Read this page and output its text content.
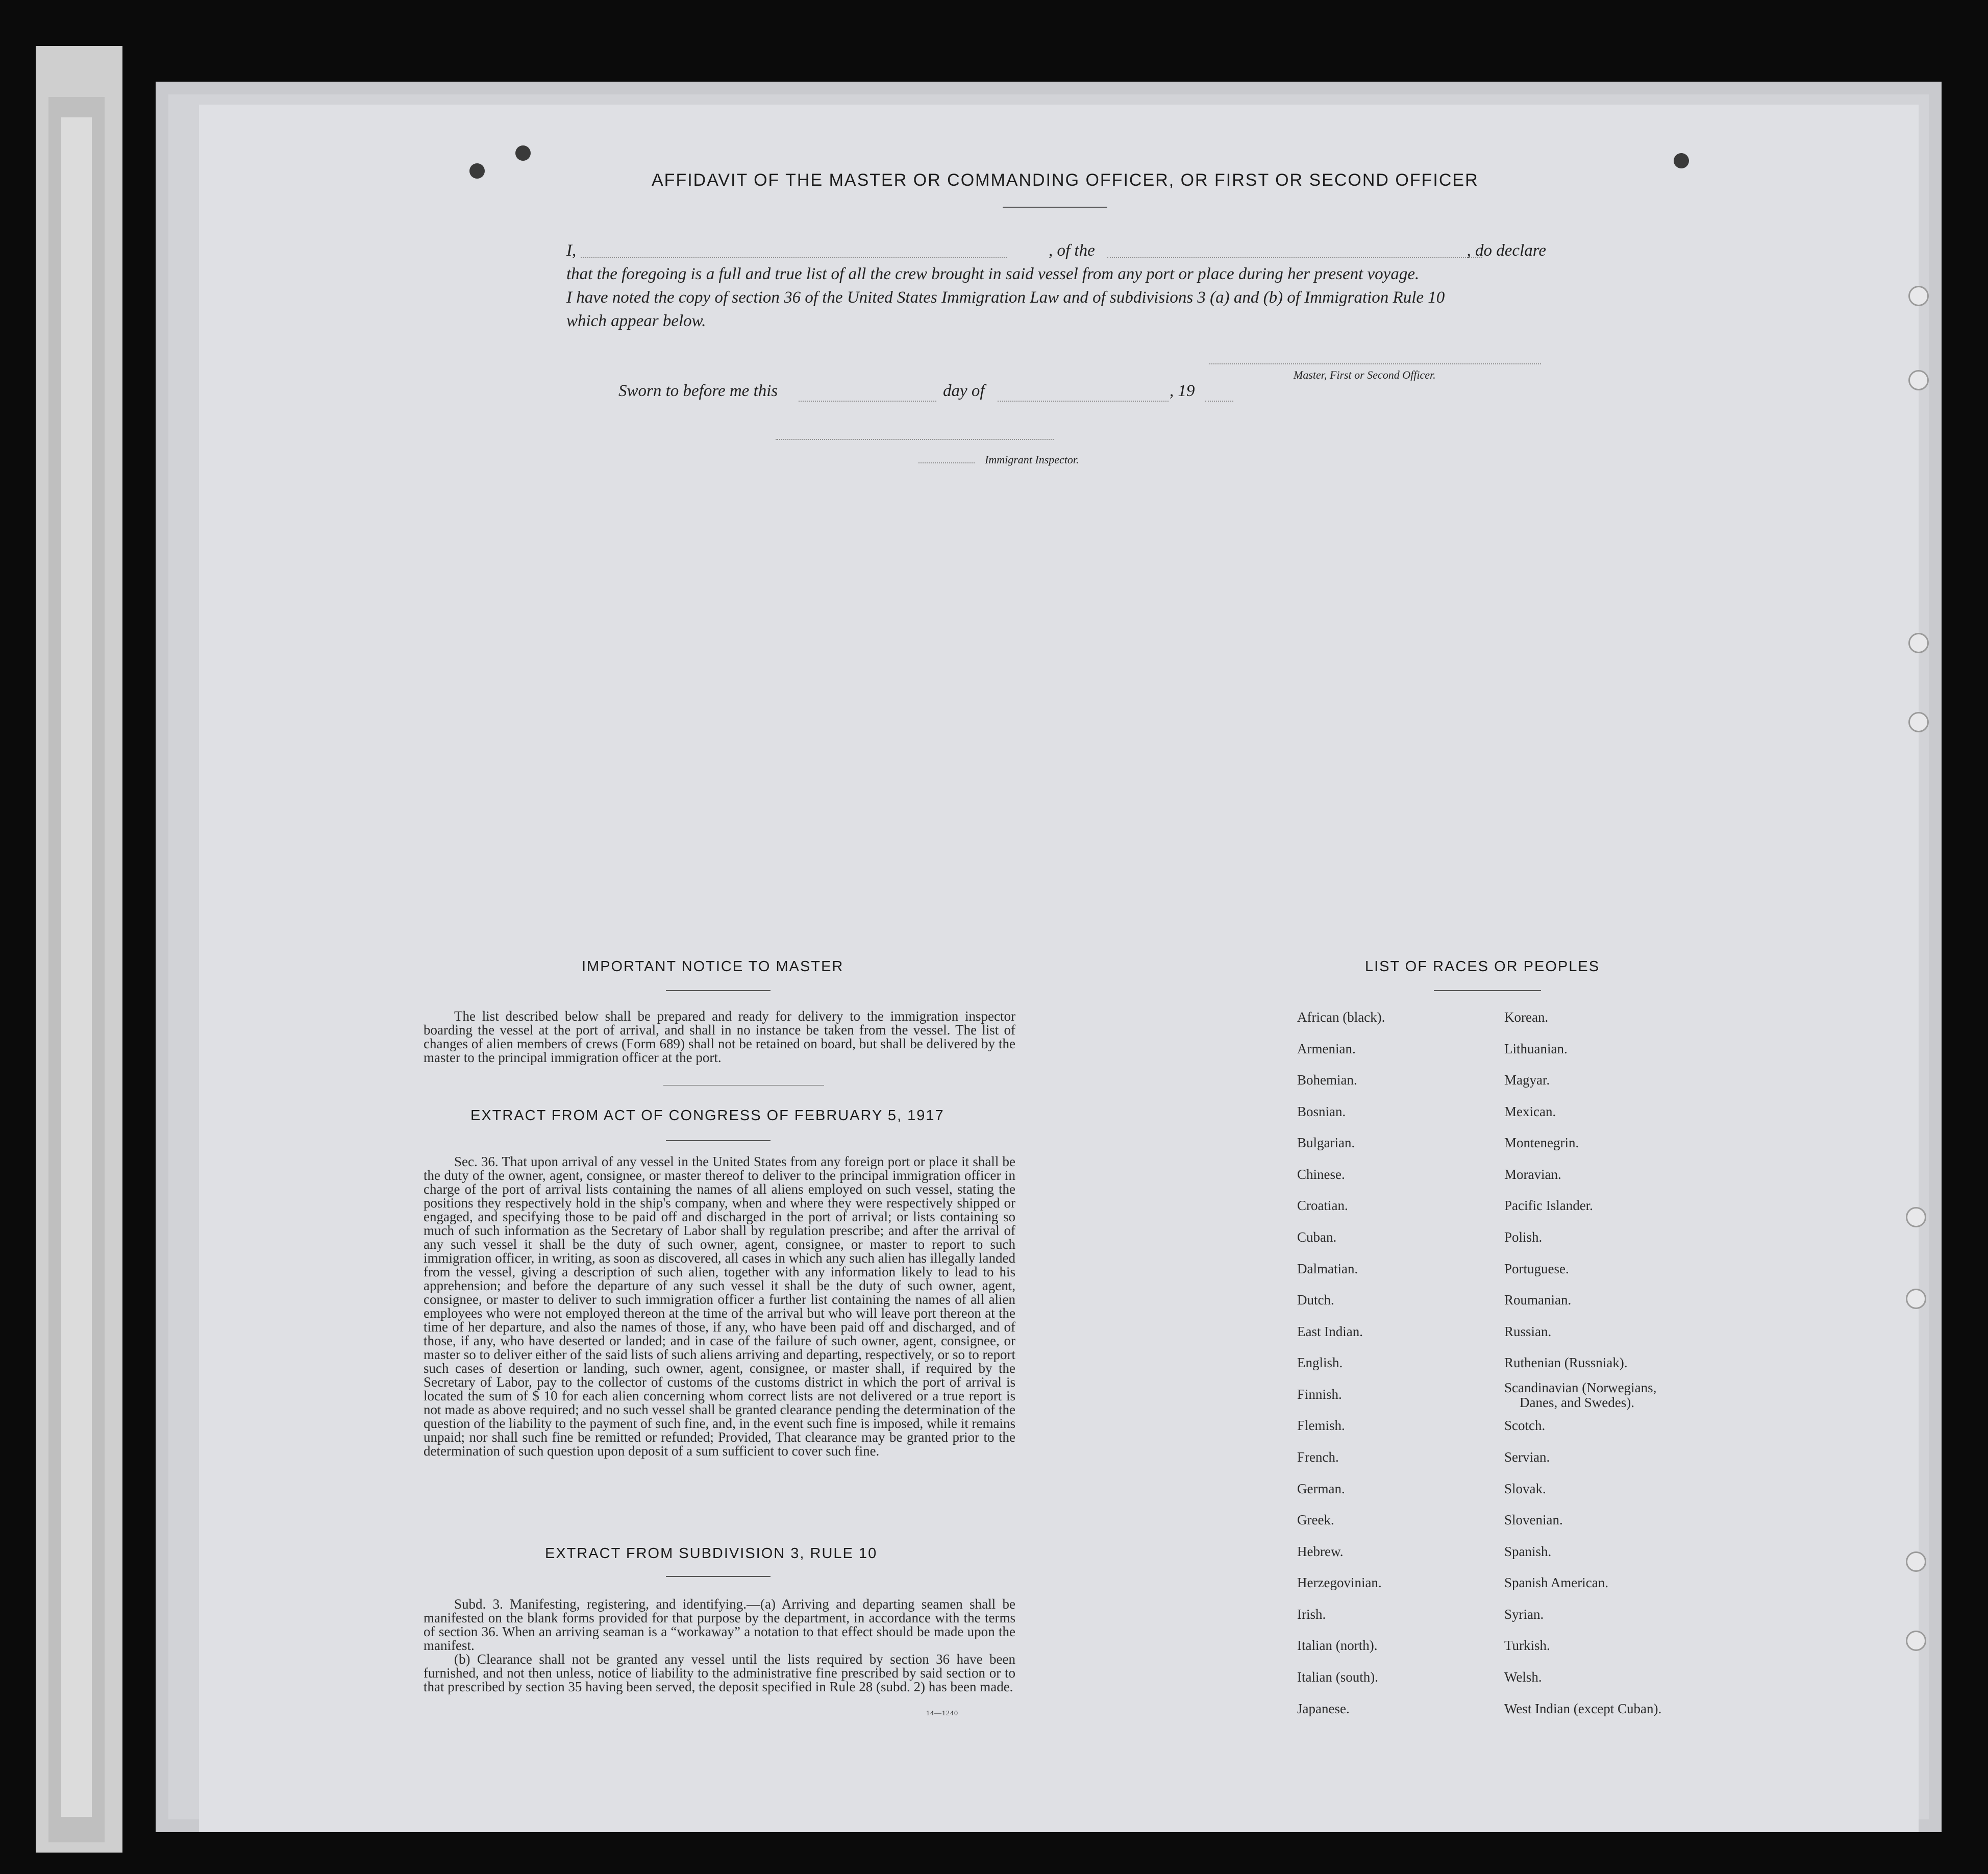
AFFIDAVIT OF THE MASTER OR COMMANDING OFFICER, OR FIRST OR SECOND OFFICER
I,	, of the	, do declare
that the foregoing is a full and true list of all the crew brought in said vessel from any port or place during her present voyage.
I have noted the copy of section 36 of the United States Immigration Law and of subdivisions 3 (a) and (b) of Immigration Rule 10
which appear below.
Master, First or Second Officer.
Sworn to before me this	day of	, 19
Immigrant Inspector.
IMPORTANT NOTICE TO MASTER

The list described below shall be prepared and ready for delivery to the immigration inspector boarding the vessel at the port of arrival, and shall in no instance be taken from the vessel. The list of changes of alien members of crews (Form 689) shall not be retained on board, but shall be delivered by the master to the principal immigration officer at the port.

EXTRACT FROM ACT OF CONGRESS OF FEBRUARY 5, 1917

Sec. 36. That upon arrival of any vessel in the United States from any foreign port or place it shall be the duty of the owner, agent, consignee, or master thereof to deliver to the principal immigration officer in charge of the port of arrival lists containing the names of all aliens employed on such vessel, stating the positions they respectively hold in the ship's company, when and where they were respectively shipped or engaged, and specifying those to be paid off and discharged in the port of arrival; or lists containing so much of such information as the Secretary of Labor shall by regulation prescribe; and after the arrival of any such vessel it shall be the duty of such owner, agent, consignee, or master to report to such immigration officer, in writing, as soon as discovered, all cases in which any such alien has illegally landed from the vessel, giving a description of such alien, together with any information likely to lead to his apprehension; and before the departure of any such vessel it shall be the duty of such owner, agent, consignee, or master to deliver to such immigration officer a further list containing the names of all alien employees who were not employed thereon at the time of the arrival but who will leave port thereon at the time of her departure, and also the names of those, if any, who have been paid off and discharged, and of those, if any, who have deserted or landed; and in case of the failure of such owner, agent, consignee, or master so to deliver either of the said lists of such aliens arriving and departing, respectively, or so to report such cases of desertion or landing, such owner, agent, consignee, or master shall, if required by the Secretary of Labor, pay to the collector of customs of the customs district in which the port of arrival is located the sum of $ 10 for each alien concerning whom correct lists are not delivered or a true report is not made as above required; and no such vessel shall be granted clearance pending the determination of the question of the liability to the payment of such fine, and, in the event such fine is imposed, while it remains unpaid; nor shall such fine be remitted or refunded; Provided, That clearance may be granted prior to the determination of such question upon deposit of a sum sufficient to cover such fine.

EXTRACT FROM SUBDIVISION 3, RULE 10

Subd. 3. Manifesting, registering, and identifying.—(a) Arriving and departing seamen shall be manifested on the blank forms provided for that purpose by the department, in accordance with the terms of section 36. When an arriving seaman is a “workaway” a notation to that effect should be made upon the manifest.

(b) Clearance shall not be granted any vessel until the lists required by section 36 have been furnished, and not then unless, notice of liability to the administrative fine prescribed by said section or to that prescribed by section 35 having been served, the deposit specified in Rule 28 (subd. 2) has been made.

14—1240
LIST OF RACES OR PEOPLES
African (black).
Armenian.
Bohemian.
Bosnian.
Bulgarian.
Chinese.
Croatian.
Cuban.
Dalmatian.
Dutch.
East Indian.
English.
Finnish.
Flemish.
French.
German.
Greek.
Hebrew.
Herzegovinian.
Irish.
Italian (north).
Italian (south).
Japanese.
Korean.
Lithuanian.
Magyar.
Mexican.
Montenegrin.
Moravian.
Pacific Islander.
Polish.
Portuguese.
Roumanian.
Russian.
Ruthenian (Russniak).
Scandinavian (Norwegians,
Danes, and Swedes).
Scotch.
Servian.
Slovak.
Slovenian.
Spanish.
Spanish American.
Syrian.
Turkish.
Welsh.
West Indian (except Cuban).
